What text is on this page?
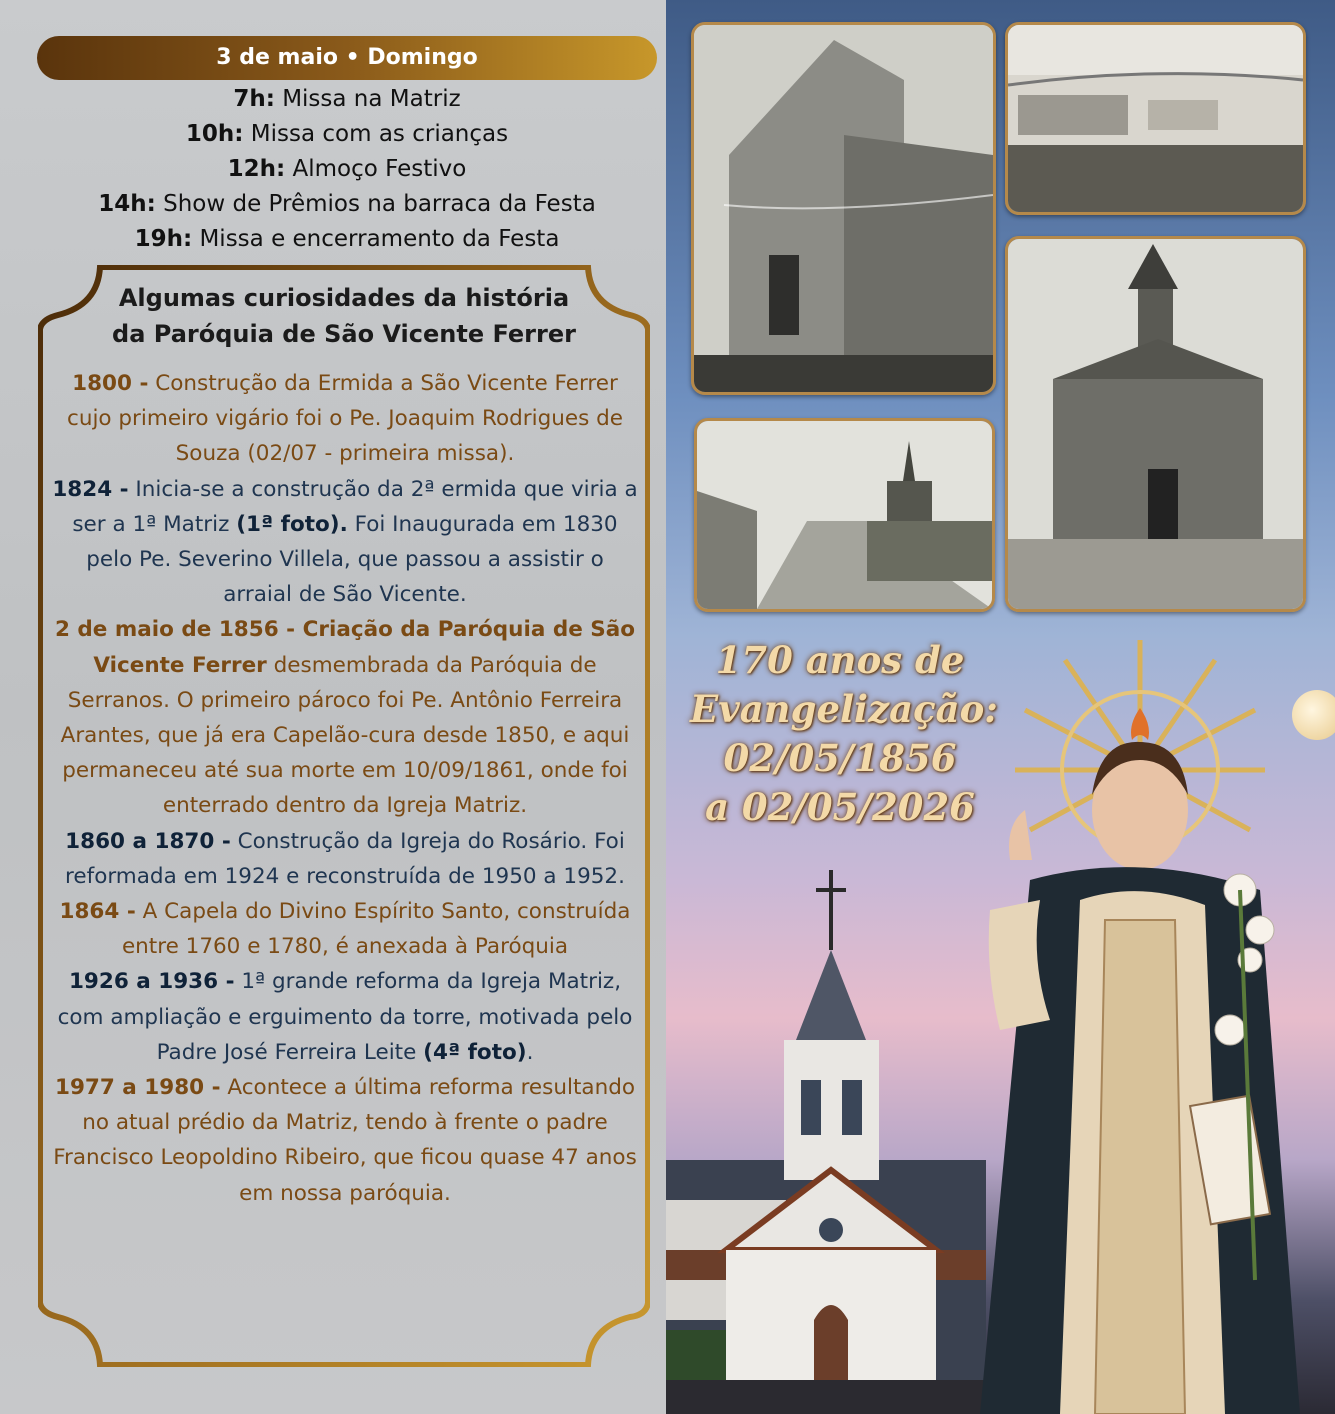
3 de maio • Domingo
7h: Missa na Matriz
10h: Missa com as crianças
12h: Almoço Festivo
14h: Show de Prêmios na barraca da Festa
19h: Missa e encerramento da Festa
Algumas curiosidades da história
da Paróquia de São Vicente Ferrer

1800 - Construção da Ermida a São Vicente Ferrer cujo primeiro vigário foi o Pe. Joaquim Rodrigues de Souza (02/07 - primeira missa).

1824 - Inicia-se a construção da 2ª ermida que viria a ser a 1ª Matriz (1ª foto). Foi Inaugurada em 1830 pelo Pe. Severino Villela, que passou a assistir o arraial de São Vicente.

2 de maio de 1856 - Criação da Paróquia de São Vicente Ferrer desmembrada da Paróquia de Serranos. O primeiro pároco foi Pe. Antônio Ferreira Arantes, que já era Capelão-cura desde 1850, e aqui permaneceu até sua morte em 10/09/1861, onde foi enterrado dentro da Igreja Matriz.

1860 a 1870 - Construção da Igreja do Rosário. Foi reformada em 1924 e reconstruída de 1950 a 1952.

1864 - A Capela do Divino Espírito Santo, construída entre 1760 e 1780, é anexada à Paróquia

1926 a 1936 - 1ª grande reforma da Igreja Matriz, com ampliação e erguimento da torre, motivada pelo Padre José Ferreira Leite (4ª foto).

1977 a 1980 - Acontece a última reforma resultando no atual prédio da Matriz, tendo à frente o padre Francisco Leopoldino Ribeiro, que ficou quase 47 anos em nossa paróquia.

170 anos de
Evangelização:
02/05/1856
a 02/05/2026
